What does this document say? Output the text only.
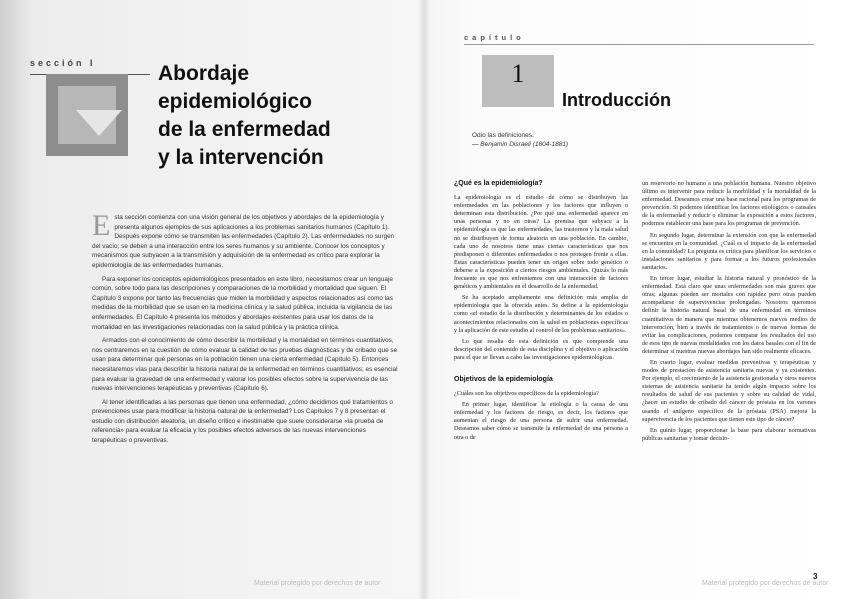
sección I	Abordaje
epidemiológico
de la enfermedad
y la intervención

Esta sección comienza con una visión general de los objetivos y abordajes de la epidemiología y presenta algunos ejemplos de sus aplicaciones a los problemas sanitarios humanos (Capítulo 1). Después expone cómo se transmiten las enfermedades (Capítulo 2). Las enfermedades no surgen del vacío; se deben a una interacción entre los seres humanos y su ambiente. Conocer los conceptos y mecanismos que subyacen a la transmisión y adquisición de la enfermedad es crítico para explorar la epidemiología de las enfermedades humanas.

Para exponer los conceptos epidemiológicos presentados en este libro, necesitamos crear un lenguaje común, sobre todo para las descripciones y comparaciones de la morbilidad y mortalidad que siguen. El Capítulo 3 expone por tanto las frecuencias que miden la morbilidad y aspectos relacionados así como las medidas de la morbilidad que se usan en la medicina clínica y la salud pública, incluida la vigilancia de las enfermedades. El Capítulo 4 presenta los métodos y abordajes existentes para usar los datos de la mortalidad en las investigaciones relacionadas con la salud pública y la práctica clínica.

Armados con el conocimiento de cómo describir la morbilidad y la mortalidad en términos cuantitativos, nos centraremos en la cuestión de cómo evaluar la calidad de las pruebas diagnósticas y de cribado que se usan para determinar qué personas en la población tienen una cierta enfermedad (Capítulo 5). Entonces necesitaremos vías para describir la historia natural de la enfermedad en términos cuantitativos; es esencial para evaluar la gravedad de una enfermedad y valorar los posibles efectos sobre la supervivencia de las nuevas intervenciones terapéuticas y preventivas (Capítulo 6).

Al tener identificadas a las personas que tienen una enfermedad, ¿cómo decidimos qué tratamientos o prevenciones usar para modificar la historia natural de la enfermedad? Los Capítulos 7 y 8 presentan el estudio con distribución aleatoria, un diseño crítico e inestimable que suele considerarse «la prueba de referencia» para evaluar la eficacia y los posibles efectos adversos de las nuevas intervenciones terapéuticas o preventivas.

Material protegido por derechos de autor
capítulo
1
Introducción
Odio las definiciones.
— Benjamin Disraeli (1804-1881)
¿Qué es la epidemiología?

La epidemiología es el estudio de cómo se distribuyen las enfermedades en las poblaciones y los factores que influyen o determinan esta distribución. ¿Por qué una enfermedad aparece en unas personas y no en otras? La premisa que subyace a la epidemiología es que las enfermedades, las trastornos y la mala salud no se distribuyen de forma aleatoria en una población. En cambio, cada uno de nosotros tiene unas ciertas características que nos predisponen o diferentes enfermedades o nos protegen frente a ellas. Estas características pueden tener un origen sobre todo genético o deberse a la exposición a ciertos riesgos ambientales. Quizás lo más frecuente es que nos enfrentemos con una interacción de factores genéticos y ambientales en el desarrollo de la enfermedad.

Se ha aceptado ampliamente una definición más amplia de epidemiología que la ofrecida antes. Se define a la epidemiología como «el estudio de la distribución y determinantes de los estados o acontecimientos relacionados con la salud en poblaciones específicas y la aplicación de este estudio al control de los problemas sanitarios».

Lo que resalta de esta definición es que comprende una descripción del contenido de esta disciplina y el objetivo o aplicación para el que se llevan a cabo las investigaciones epidemiológicas.

Objetivos de la epidemiología

¿Cuáles son los objetivos específicos de la epidemiología?

En primer lugar, identificar la etiología o la causa de una enfermedad y los factores de riesgo, es decir, los factores que aumentan el riesgo de una persona de sufrir una enfermedad. Deseamos saber cómo se transmite la enfermedad de una persona a otra o de

un reservorio no humano a una población humana. Nuestro objetivo último es intervenir para reducir la morbilidad y la mortalidad de la enfermedad. Deseamos crear una base racional para los programas de prevención. Si podemos identificar los factores etiológicos o causales de la enfermedad y reducir o eliminar la exposición a estos factores, podemos establecer una base para los programas de prevención.

En segundo lugar, determinar la extensión con que la enfermedad se encuentra en la comunidad. ¿Cuál es el impacto de la enfermedad en la comunidad? La pregunta es crítica para planificar los servicios e instalaciones sanitarios y para formar a los futuros profesionales sanitarios.

En tercer lugar, estudiar la historia natural y pronóstico de la enfermedad. Está claro que unas enfermedades son más graves que otras; algunas pueden ser mortales con rapidez pero otras pueden acompañarse de supervivencias prolongadas. Nosotros queremos definir la historia natural basal de una enfermedad en términos cuantitativos de manera que mientras obtenemos nuevos medios de intervención, bien a través de tratamientos o de nuevas formas de evitar las complicaciones, podemos comparar los resultados del uso de esos tipo de nuevas modalidades con los datos basales con el fin de determinar si nuestras nuevas abordajes han sido realmente eficaces.

En cuarto lugar, evaluar medidas preventivas y terapéuticas y modos de prestación de asistencia sanitaria nuevas y ya existentes. Por ejemplo, el crecimiento de la asistencia gestionada y otros nuevos sistemas de asistencia sanitaria ha tenido algún impacto sobre los resultados de salud de sus pacientes y sobre su calidad de vidal, ¿hacer un estudio de cribado del cáncer de próstata en los varones usando el antígeno específico de la próstata (PSA) mejora la supervivencia de los pacientes que tienen este tipo de cáncer?

En quinto lugar, proporcionar la base para elaborar normativas públicas sanitarias y tomar decisio-

Material protegido por derechos de autor
3
